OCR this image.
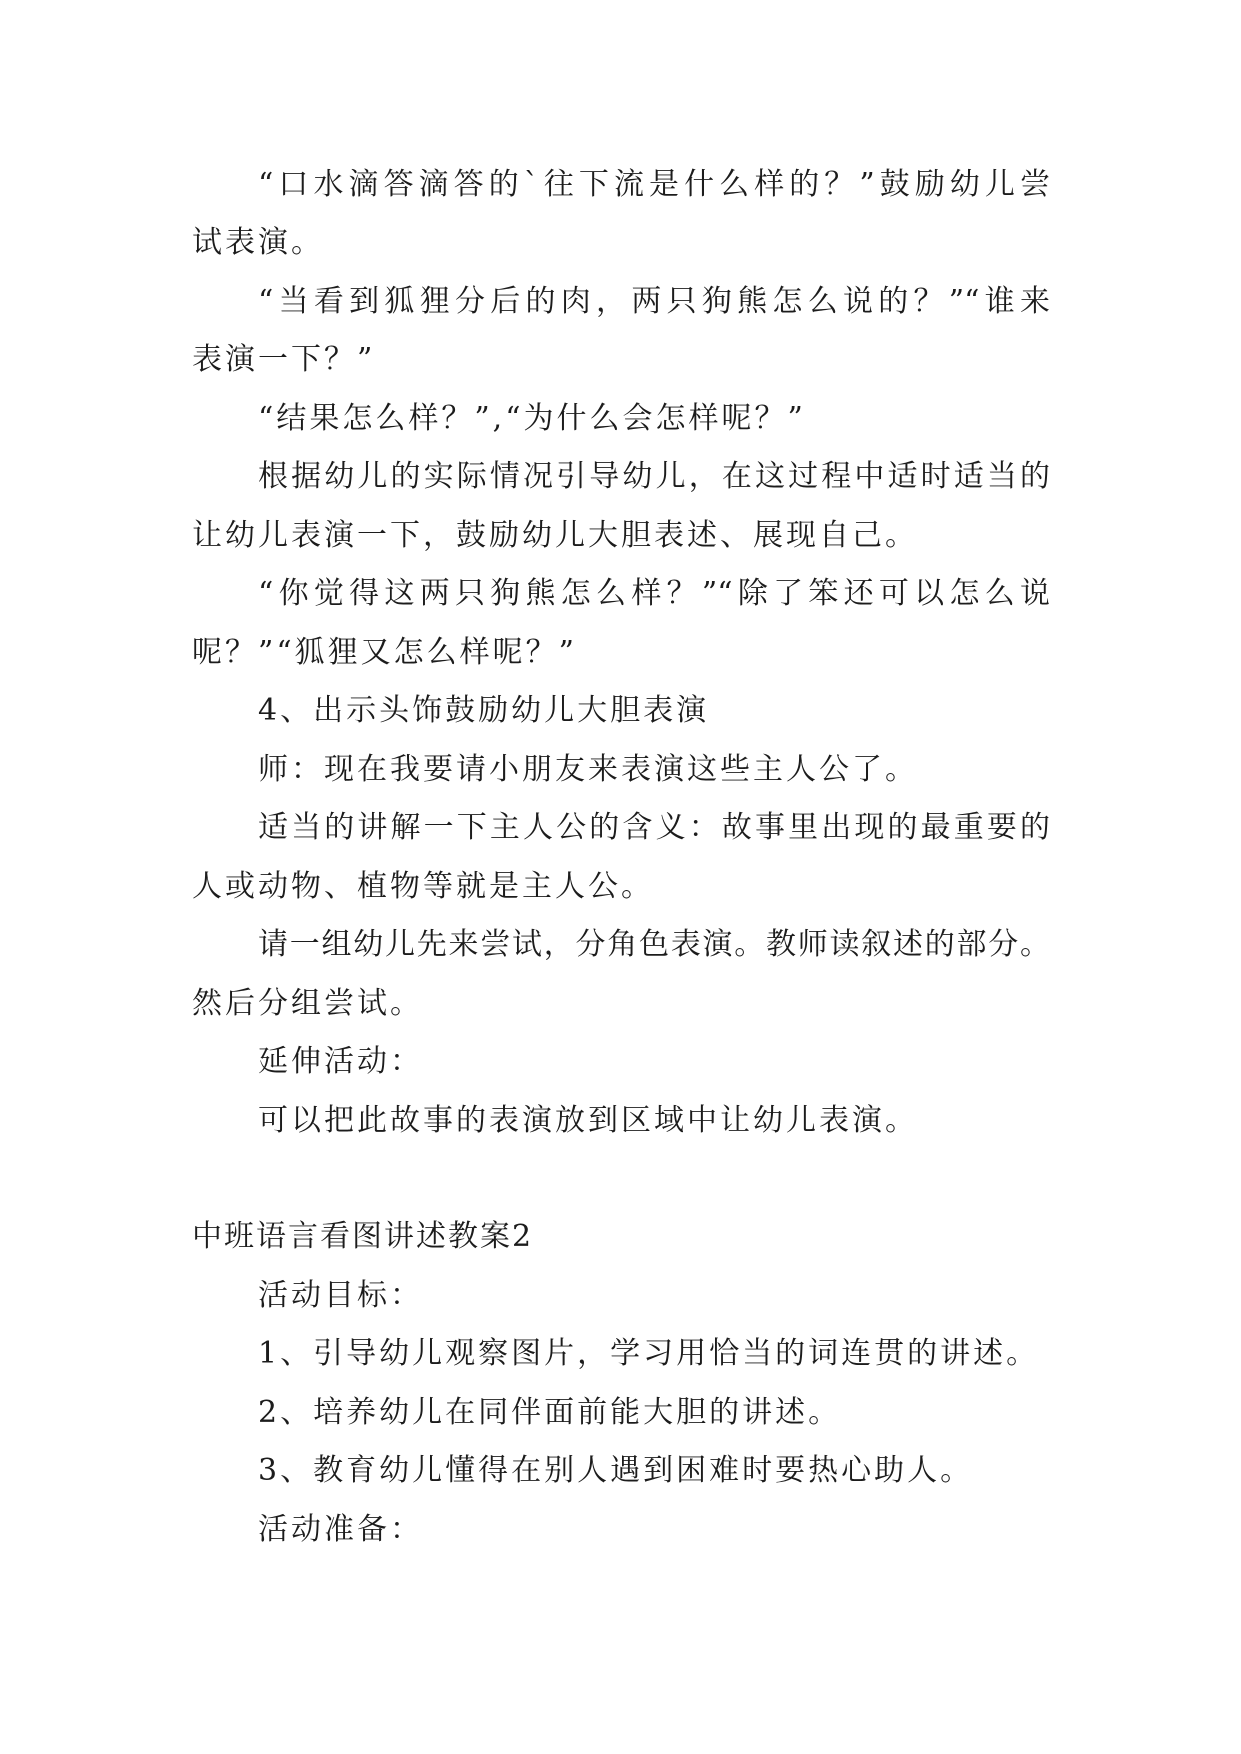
“口水滴答滴答的`往下流是什么样的？”鼓励幼儿尝
试表演。
“当看到狐狸分后的肉，两只狗熊怎么说的？”“谁来
表演一下？”
“结果怎么样？”,“为什么会怎样呢？”
根据幼儿的实际情况引导幼儿，在这过程中适时适当的
让幼儿表演一下，鼓励幼儿大胆表述、展现自己。
“你觉得这两只狗熊怎么样？”“除了笨还可以怎么说
呢？”“狐狸又怎么样呢？”
4、出示头饰鼓励幼儿大胆表演
师：现在我要请小朋友来表演这些主人公了。
适当的讲解一下主人公的含义：故事里出现的最重要的
人或动物、植物等就是主人公。
请一组幼儿先来尝试，分角色表演。教师读叙述的部分。
然后分组尝试。
延伸活动：
可以把此故事的表演放到区域中让幼儿表演。
中班语言看图讲述教案2
活动目标：
1、引导幼儿观察图片，学习用恰当的词连贯的讲述。
2、培养幼儿在同伴面前能大胆的讲述。
3、教育幼儿懂得在别人遇到困难时要热心助人。
活动准备：
